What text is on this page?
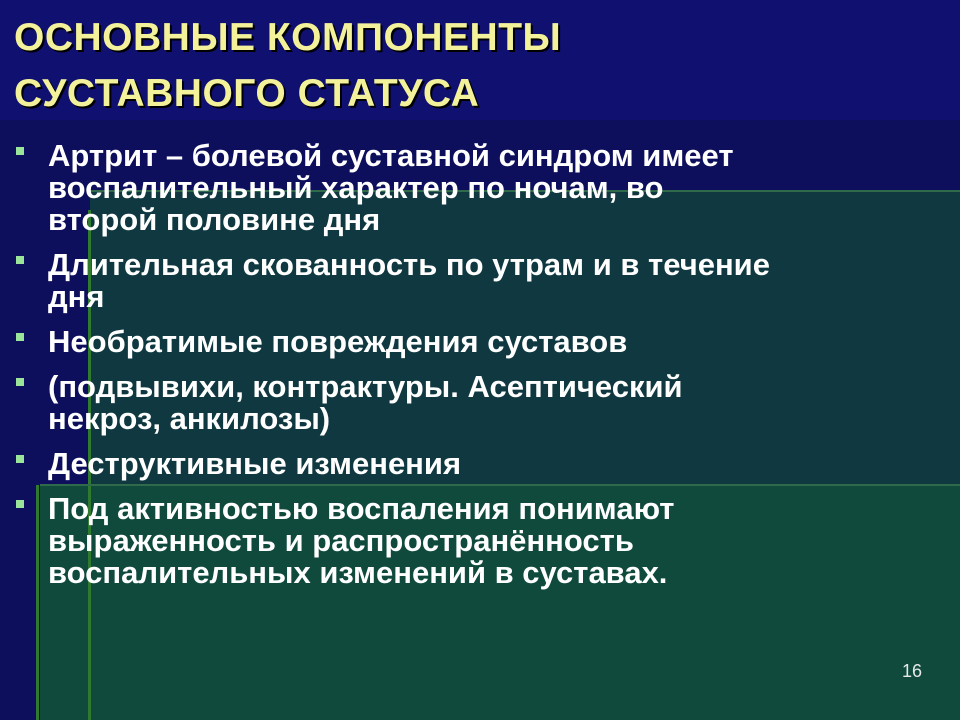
ОСНОВНЫЕ КОМПОНЕНТЫ
СУСТАВНОГО СТАТУСА
Артрит – болевой суставной синдром имеет
воспалительный характер по ночам, во
второй половине дня
Длительная скованность по утрам и в течение
дня
Необратимые повреждения суставов
(подвывихи, контрактуры. Асептический
некроз, анкилозы)
Деструктивные изменения
Под активностью воспаления понимают
выраженность и распространённость
воспалительных изменений в суставах.
16
